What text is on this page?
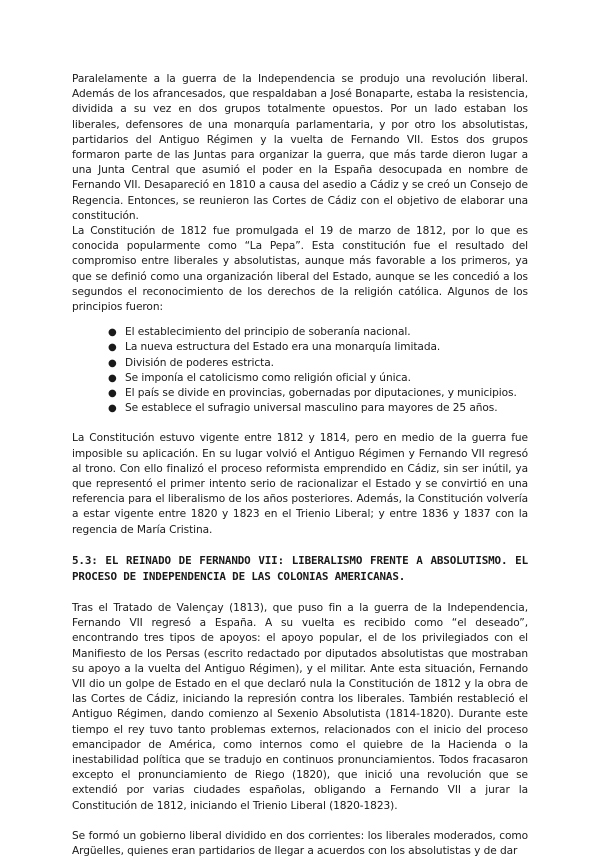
Paralelamente a la guerra de la Independencia se produjo una revolución liberal. Además de los afrancesados, que respaldaban a José Bonaparte, estaba la resistencia, dividida a su vez en dos grupos totalmente opuestos. Por un lado estaban los liberales, defensores de una monarquía parlamentaria, y por otro los absolutistas, partidarios del Antiguo Régimen y la vuelta de Fernando VII. Estos dos grupos formaron parte de las Juntas para organizar la guerra, que más tarde dieron lugar a una Junta Central que asumió el poder en la España desocupada en nombre de Fernando VII. Desapareció en 1810 a causa del asedio a Cádiz y se creó un Consejo de Regencia. Entonces, se reunieron las Cortes de Cádiz con el objetivo de elaborar una constitución.

La Constitución de 1812 fue promulgada el 19 de marzo de 1812, por lo que es conocida popularmente como “La Pepa”. Esta constitución fue el resultado del compromiso entre liberales y absolutistas, aunque más favorable a los primeros, ya que se definió como una organización liberal del Estado, aunque se les concedió a los segundos el reconocimiento de los derechos de la religión católica. Algunos de los principios fueron:

● El establecimiento del principio de soberanía nacional.
● La nueva estructura del Estado era una monarquía limitada.
● División de poderes estricta.
● Se imponía el catolicismo como religión oficial y única.
● El país se divide en provincias, gobernadas por diputaciones, y municipios.
● Se establece el sufragio universal masculino para mayores de 25 años.

La Constitución estuvo vigente entre 1812 y 1814, pero en medio de la guerra fue imposible su aplicación. En su lugar volvió el Antiguo Régimen y Fernando VII regresó al trono. Con ello finalizó el proceso reformista emprendido en Cádiz, sin ser inútil, ya que representó el primer intento serio de racionalizar el Estado y se convirtió en una referencia para el liberalismo de los años posteriores. Además, la Constitución volvería a estar vigente entre 1820 y 1823 en el Trienio Liberal; y entre 1836 y 1837 con la regencia de María Cristina.

5.3: EL REINADO DE FERNANDO VII: LIBERALISMO FRENTE A ABSOLUTISMO. EL PROCESO DE INDEPENDENCIA DE LAS COLONIAS AMERICANAS.

Tras el Tratado de Valençay (1813), que puso fin a la guerra de la Independencia, Fernando VII regresó a España. A su vuelta es recibido como “el deseado”, encontrando tres tipos de apoyos: el apoyo popular, el de los privilegiados con el Manifiesto de los Persas (escrito redactado por diputados absolutistas que mostraban su apoyo a la vuelta del Antiguo Régimen), y el militar. Ante esta situación, Fernando VII dio un golpe de Estado en el que declaró nula la Constitución de 1812 y la obra de las Cortes de Cádiz, iniciando la represión contra los liberales. También restableció el Antiguo Régimen, dando comienzo al Sexenio Absolutista (1814-1820). Durante este tiempo el rey tuvo tanto problemas externos, relacionados con el inicio del proceso emancipador de América, como internos como el quiebre de la Hacienda o la inestabilidad política que se tradujo en continuos pronunciamientos. Todos fracasaron excepto el pronunciamiento de Riego (1820), que inició una revolución que se extendió por varias ciudades españolas, obligando a Fernando VII a jurar la Constitución de 1812, iniciando el Trienio Liberal (1820-1823).

Se formó un gobierno liberal dividido en dos corrientes: los liberales moderados, como Argüelles, quienes eran partidarios de llegar a acuerdos con los absolutistas y de dar
